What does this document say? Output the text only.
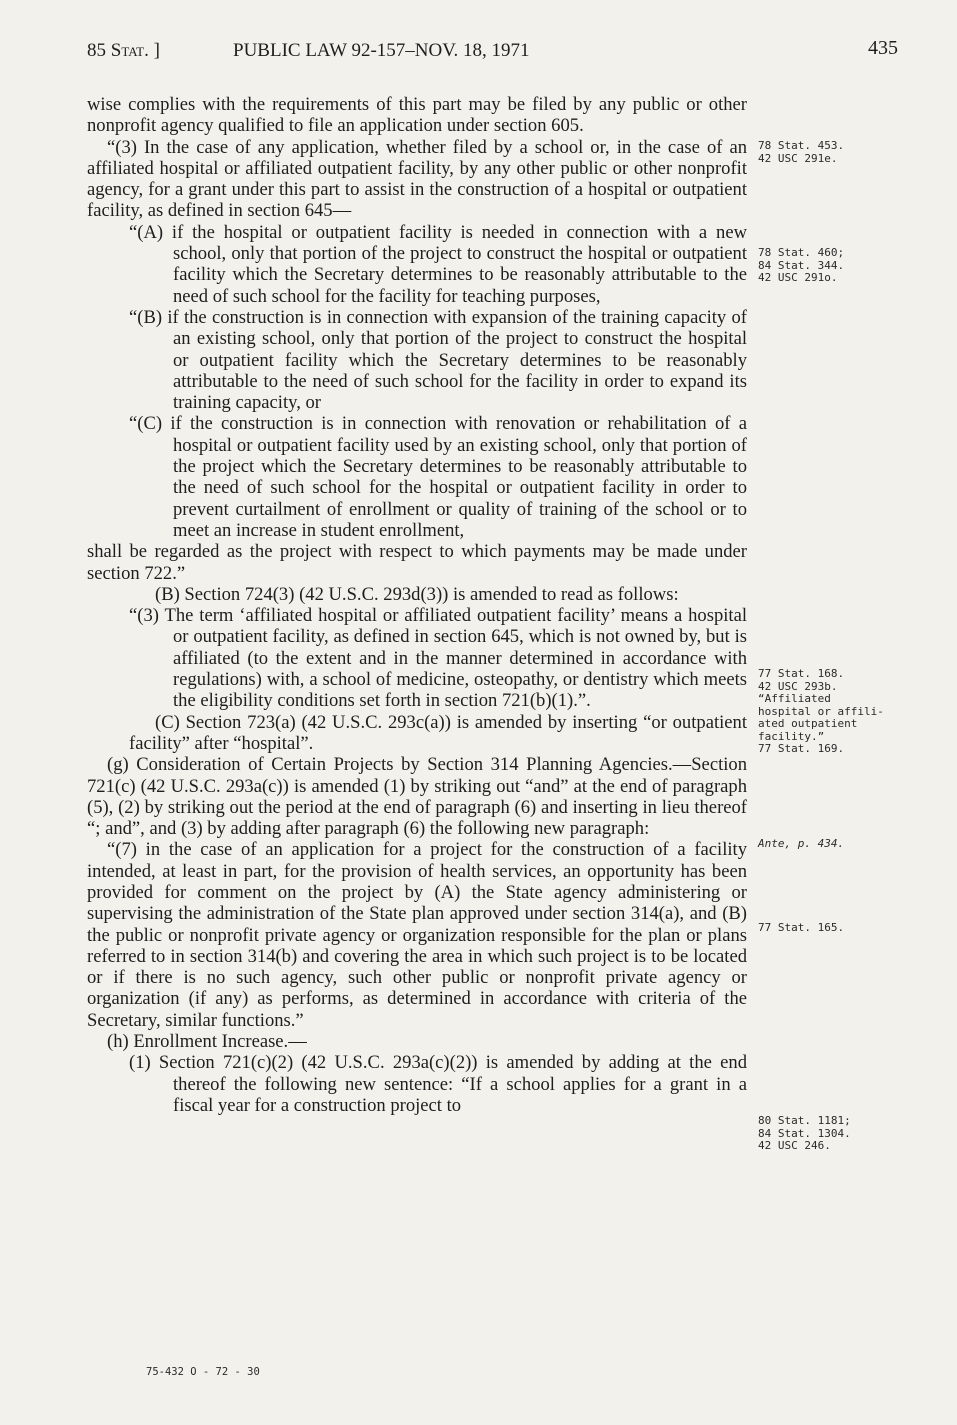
85 Stat. ]	PUBLIC LAW 92-157–NOV. 18, 1971	435

wise complies with the requirements of this part may be filed by any public or other nonprofit agency qualified to file an application under section 605.

“(3) In the case of any application, whether filed by a school or, in the case of an affiliated hospital or affiliated outpatient facility, by any other public or other nonprofit agency, for a grant under this part to assist in the construction of a hospital or outpatient facility, as defined in section 645—

“(A) if the hospital or outpatient facility is needed in connection with a new school, only that portion of the project to construct the hospital or outpatient facility which the Secretary determines to be reasonably attributable to the need of such school for the facility for teaching purposes,

“(B) if the construction is in connection with expansion of the training capacity of an existing school, only that portion of the project to construct the hospital or outpatient facility which the Secretary determines to be reasonably attributable to the need of such school for the facility in order to expand its training capacity, or

“(C) if the construction is in connection with renovation or rehabilitation of a hospital or outpatient facility used by an existing school, only that portion of the project which the Secretary determines to be reasonably attributable to the need of such school for the hospital or outpatient facility in order to prevent curtailment of enrollment or quality of training of the school or to meet an increase in student enrollment,

shall be regarded as the project with respect to which payments may be made under section 722.”

(B) Section 724(3) (42 U.S.C. 293d(3)) is amended to read as follows:

“(3) The term ‘affiliated hospital or affiliated outpatient facility’ means a hospital or outpatient facility, as defined in section 645, which is not owned by, but is affiliated (to the extent and in the manner determined in accordance with regulations) with, a school of medicine, osteopathy, or dentistry which meets the eligibility conditions set forth in section 721(b)(1).”.

(C) Section 723(a) (42 U.S.C. 293c(a)) is amended by inserting “or outpatient facility” after “hospital”.

(g) Consideration of Certain Projects by Section 314 Planning Agencies.—Section 721(c) (42 U.S.C. 293a(c)) is amended (1) by striking out “and” at the end of paragraph (5), (2) by striking out the period at the end of paragraph (6) and inserting in lieu thereof “; and”, and (3) by adding after paragraph (6) the following new paragraph:

“(7) in the case of an application for a project for the construction of a facility intended, at least in part, for the provision of health services, an opportunity has been provided for comment on the project by (A) the State agency administering or supervising the administration of the State plan approved under section 314(a), and (B) the public or nonprofit private agency or organization responsible for the plan or plans referred to in section 314(b) and covering the area in which such project is to be located or if there is no such agency, such other public or nonprofit private agency or organization (if any) as performs, as determined in accordance with criteria of the Secretary, similar functions.”

(h) Enrollment Increase.—

(1) Section 721(c)(2) (42 U.S.C. 293a(c)(2)) is amended by adding at the end thereof the following new sentence: “If a school applies for a grant in a fiscal year for a construction project to

78 Stat. 453.
42 USC 291e.
78 Stat. 460;
84 Stat. 344.
42 USC 291o.
77 Stat. 168.
42 USC 293b.
“Affiliated
hospital or affili-
ated outpatient
facility.”
77 Stat. 169.
Ante, p. 434.
77 Stat. 165.
80 Stat. 1181;
84 Stat. 1304.
42 USC 246.
75-432 O - 72 - 30
